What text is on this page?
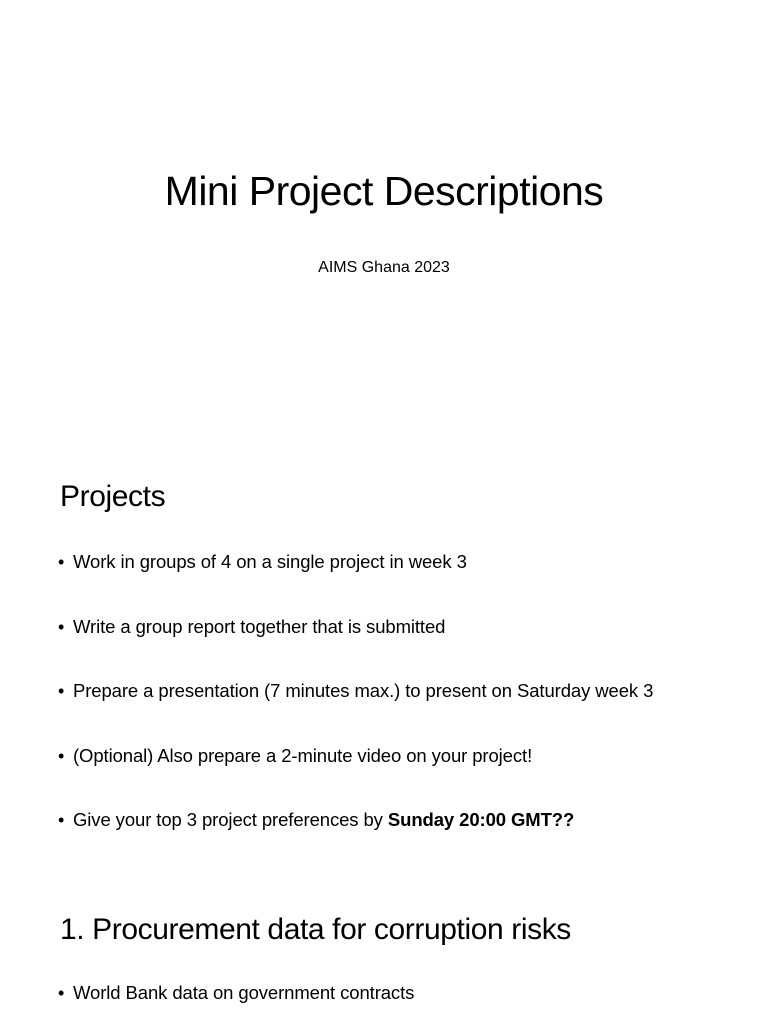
Mini Project Descriptions
AIMS Ghana 2023
Projects
• Work in groups of 4 on a single project in week 3
• Write a group report together that is submitted
• Prepare a presentation (7 minutes max.) to present on Saturday week 3
• (Optional) Also prepare a 2-minute video on your project!
• Give your top 3 project preferences by Sunday 20:00 GMT??
1. Procurement data for corruption risks
• World Bank data on government contracts
